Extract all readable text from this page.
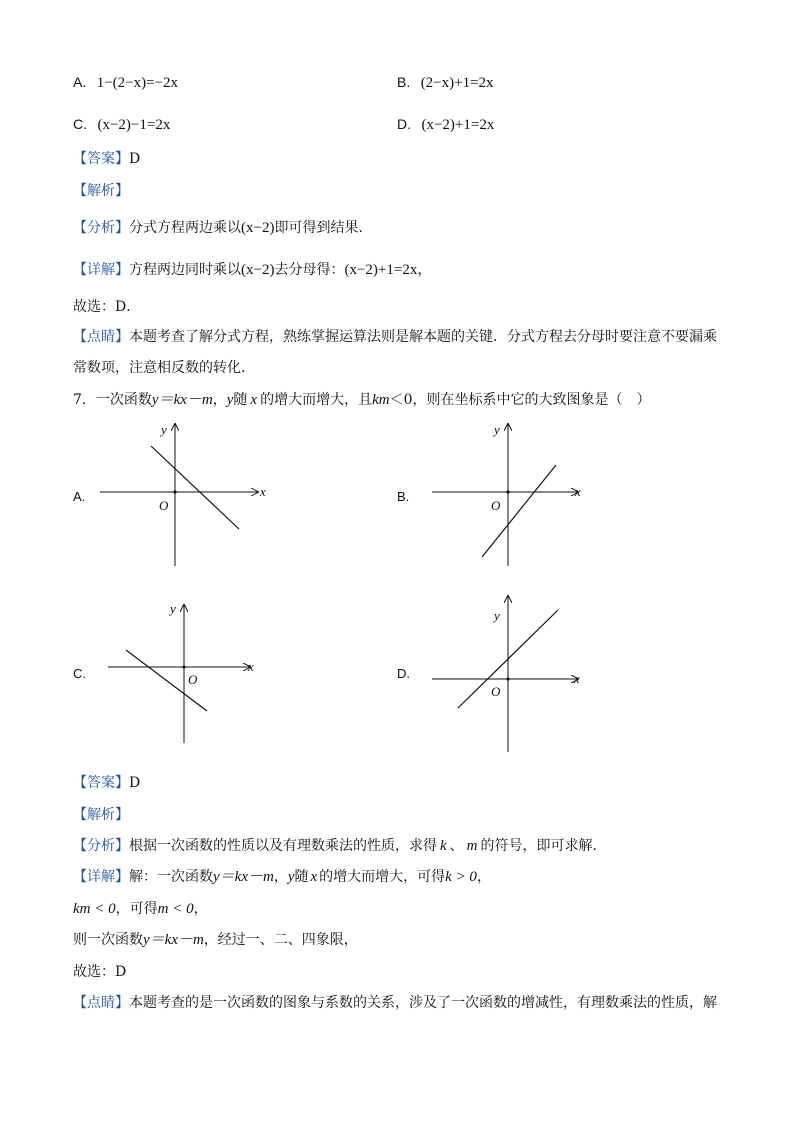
A. 1−(2−x)=−2x	B. (2−x)+1=2x
C. (x−2)−1=2x	D. (x−2)+1=2x
【答案】D
【解析】
【分析】分式方程两边乘以(x−2)即可得到结果．
【详解】方程两边同时乘以(x−2)去分母得：(x−2)+1=2x，
故选：D．
【点睛】本题考查了解分式方程，熟练掌握运算法则是解本题的关键．分式方程去分母时要注意不要漏乘
常数项，注意相反数的转化．
7．一次函数y＝kx－m，y随 x 的增大而增大，且km＜0，则在坐标系中它的大致图象是（　）
A.	B.
C.	D.
x
y
O
x
y
O
x
y
O	x
y
O
【答案】D
【解析】
【分析】根据一次函数的性质以及有理数乘法的性质，求得 k 、 m 的符号，即可求解．
【详解】解：一次函数y＝kx－m，y随 x 的增大而增大，可得k > 0，
km < 0，可得m < 0，
则一次函数y＝kx－m，经过一、二、四象限，
故选：D
【点睛】本题考查的是一次函数的图象与系数的关系，涉及了一次函数的增减性，有理数乘法的性质，解
